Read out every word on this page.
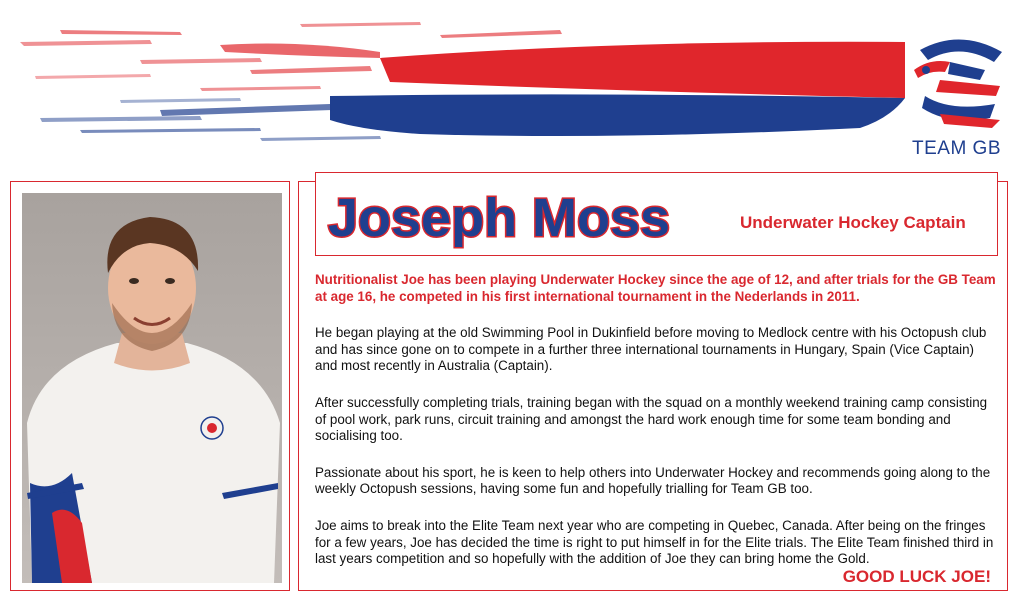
TEAM GB
Joseph Moss	Underwater Hockey Captain

Nutritionalist Joe has been playing Underwater Hockey since the age of 12, and after trials for the GB Team at age 16, he competed in his first international tournament in the Nederlands in 2011.

He began playing at the old Swimming Pool in Dukinfield before moving to Medlock centre with his Octopush club and has since gone on to compete in a further three international tournaments in Hungary, Spain (Vice Captain) and most recently in Australia (Captain).

After successfully completing trials, training began with the squad on a monthly weekend training camp consisting of pool work, park runs, circuit training and amongst the hard work enough time for some team bonding and socialising too.

Passionate about his sport, he is keen to help others into Underwater Hockey and recommends going along to the weekly Octopush sessions, having some fun and hopefully trialling for Team GB too.

Joe aims to break into the Elite Team next year who are competing in Quebec, Canada. After being on the fringes for a few years, Joe has decided the time is right to put himself in for the Elite trials. The Elite Team finished third in last years competition and so hopefully with the addition of Joe they can bring home the Gold.

GOOD LUCK JOE!
